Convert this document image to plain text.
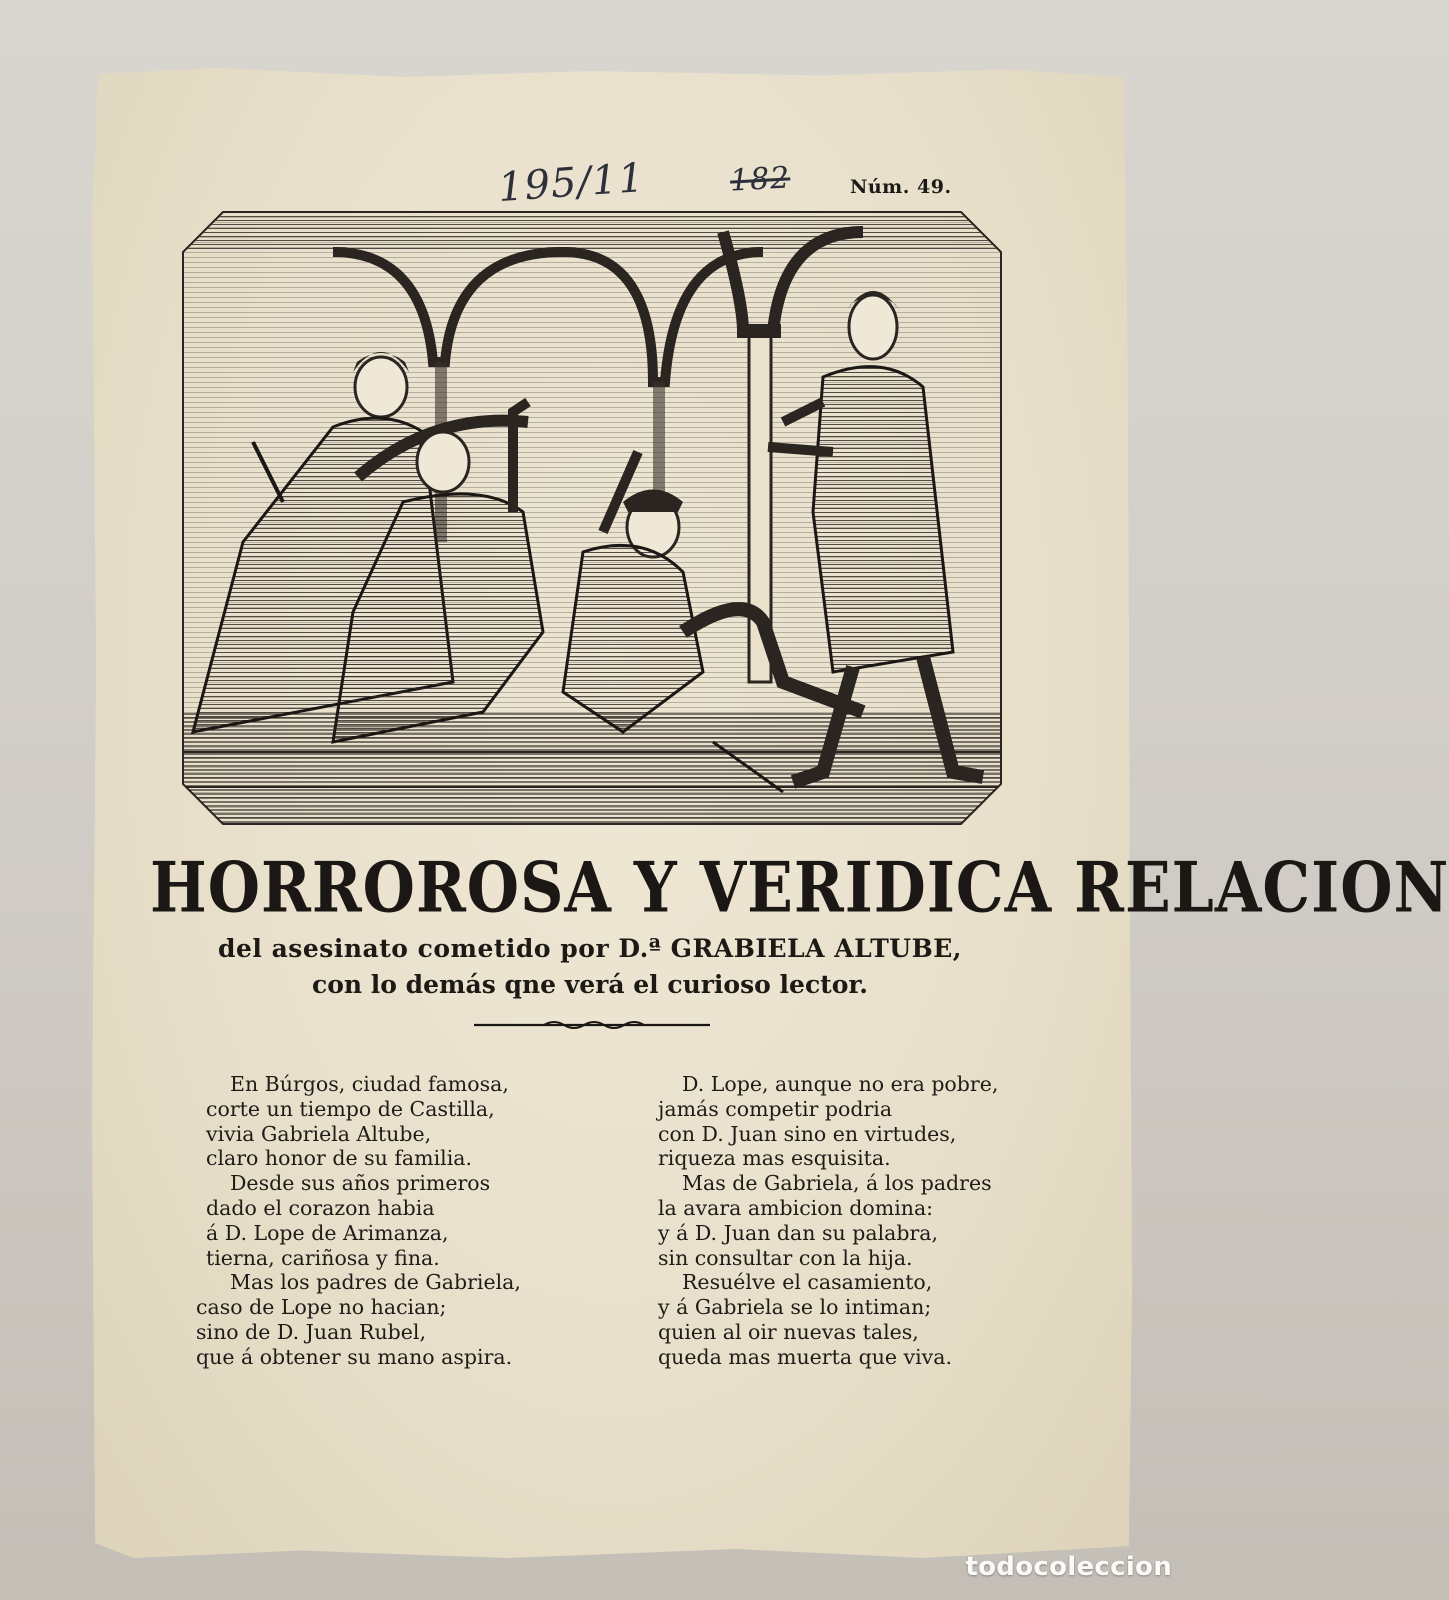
195/11	182	Núm. 49.
HORROROSA Y VERIDICA RELACION
del asesinato cometido por D.ª GRABIELA ALTUBE,
con lo demás qne verá el curioso lector.
En Búrgos, ciudad famosa,
corte un tiempo de Castilla,
vivia Gabriela Altube,
claro honor de su familia.
Desde sus años primeros
dado el corazon habia
á D. Lope de Arimanza,
tierna, cariñosa y fina.
Mas los padres de Gabriela,
caso de Lope no hacian;
sino de D. Juan Rubel,
que á obtener su mano aspira.
D. Lope, aunque no era pobre,
jamás competir podria
con D. Juan sino en virtudes,
riqueza mas esquisita.
Mas de Gabriela, á los padres
la avara ambicion domina:
y á D. Juan dan su palabra,
sin consultar con la hija.
Resuélve el casamiento,
y á Gabriela se lo intiman;
quien al oir nuevas tales,
queda mas muerta que viva.
todocoleccion
